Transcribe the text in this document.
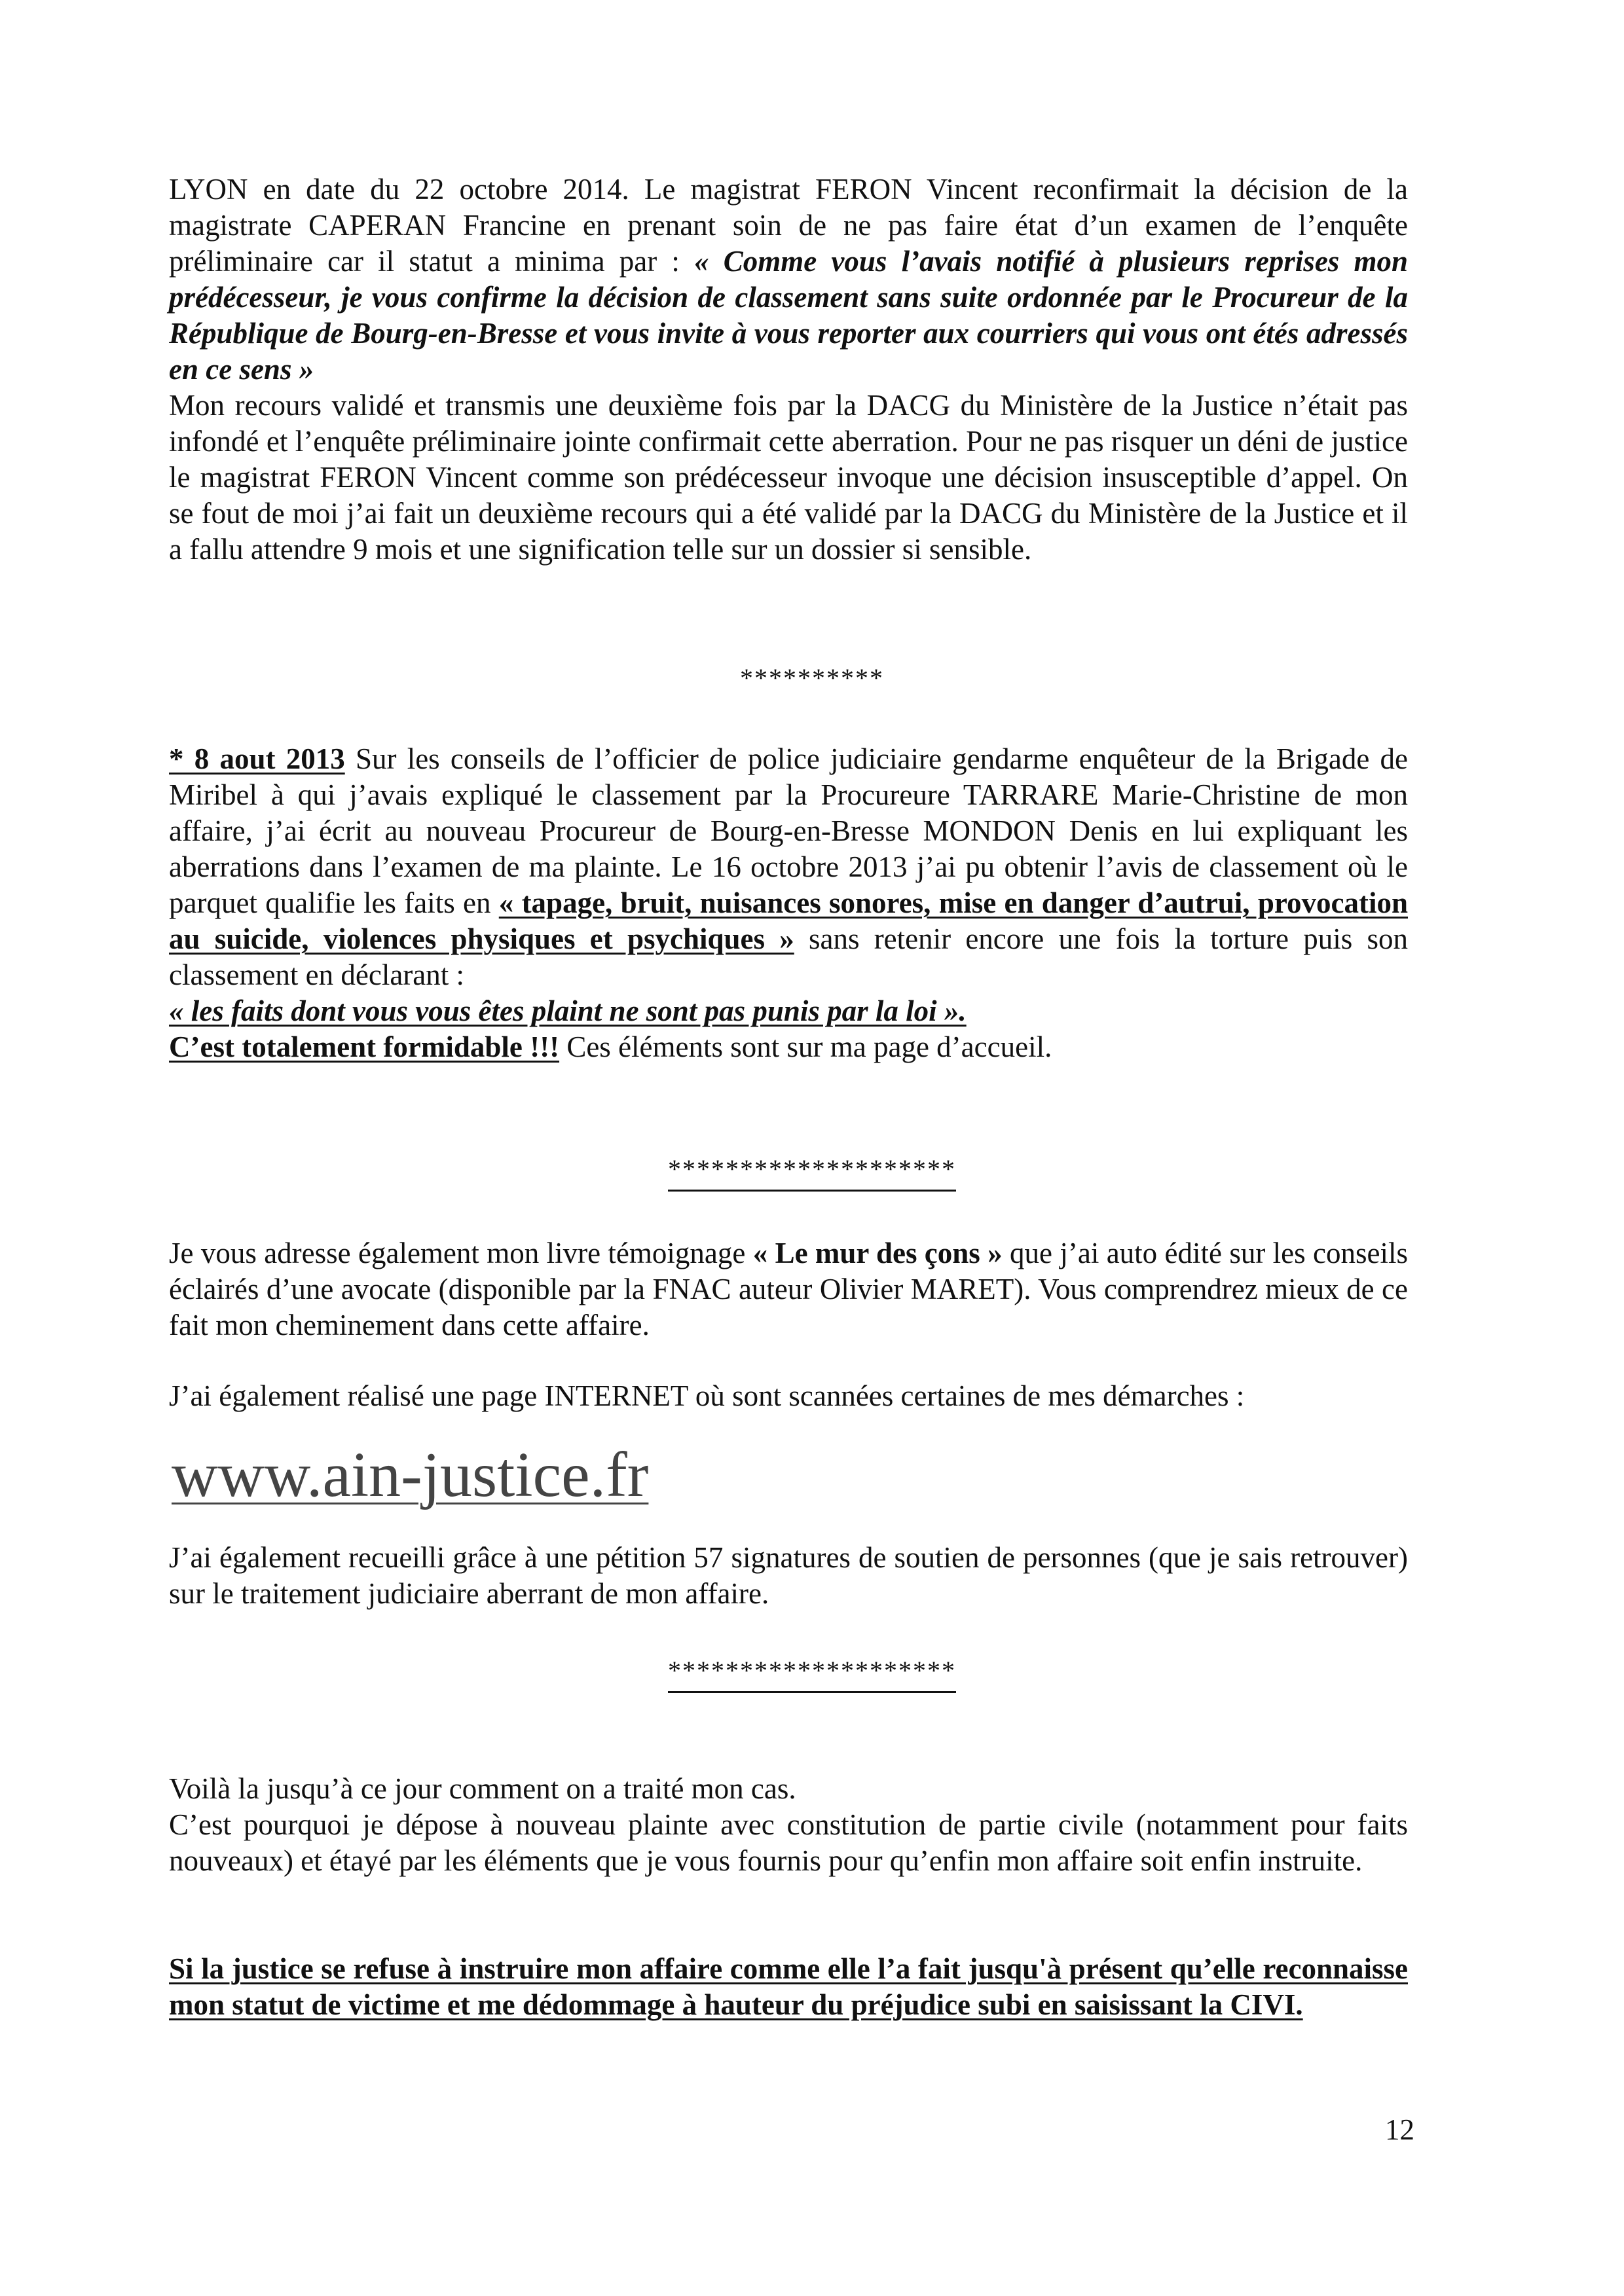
LYON en date du 22 octobre 2014. Le magistrat FERON Vincent reconfirmait la décision de la magistrate CAPERAN Francine en prenant soin de ne pas faire état d’un examen de l’enquête préliminaire car il statut a minima par : « Comme vous l’avais notifié à plusieurs reprises mon prédécesseur, je vous confirme la décision de classement sans suite ordonnée par le Procureur de la République de Bourg-en-Bresse et vous invite à vous reporter aux courriers qui vous ont étés adressés en ce sens »

Mon recours validé et transmis une deuxième fois par la DACG du Ministère de la Justice n’était pas infondé et l’enquête préliminaire jointe confirmait cette aberration. Pour ne pas risquer un déni de justice le magistrat FERON Vincent comme son prédécesseur invoque une décision insusceptible d’appel. On se fout de moi j’ai fait un deuxième recours qui a été validé par la DACG du Ministère de la Justice et il a fallu attendre 9 mois et une signification telle sur un dossier si sensible.

**********

* 8 aout 2013 Sur les conseils de l’officier de police judiciaire gendarme enquêteur de la Brigade de Miribel à qui j’avais expliqué le classement par la Procureure TARRARE Marie-Christine de mon affaire, j’ai écrit au nouveau Procureur de Bourg-en-Bresse MONDON Denis en lui expliquant les aberrations dans l’examen de ma plainte. Le 16 octobre 2013 j’ai pu obtenir l’avis de classement où le parquet qualifie les faits en « tapage, bruit, nuisances sonores, mise en danger d’autrui, provocation au suicide, violences physiques et psychiques » sans retenir encore une fois la torture puis son classement en déclarant :
« les faits dont vous vous êtes plaint ne sont pas punis par la loi ».
C’est totalement formidable !!! Ces éléments sont sur ma page d’accueil.

********************

Je vous adresse également mon livre témoignage « Le mur des çons » que j’ai auto édité sur les conseils éclairés d’une avocate (disponible par la FNAC auteur Olivier MARET). Vous comprendrez mieux de ce fait mon cheminement dans cette affaire.

J’ai également réalisé une page INTERNET où sont scannées certaines de mes démarches :

www.ain-justice.fr

J’ai également recueilli grâce à une pétition 57 signatures de soutien de personnes (que je sais retrouver) sur le traitement judiciaire aberrant de mon affaire.

********************

Voilà la jusqu’à ce jour comment on a traité mon cas.

C’est pourquoi je dépose à nouveau plainte avec constitution de partie civile (notamment pour faits nouveaux) et étayé par les éléments que je vous fournis pour qu’enfin mon affaire soit enfin instruite.

Si la justice se refuse à instruire mon affaire comme elle l’a fait jusqu'à présent qu’elle reconnaisse mon statut de victime et me dédommage à hauteur du préjudice subi en saisissant la CIVI.

12
